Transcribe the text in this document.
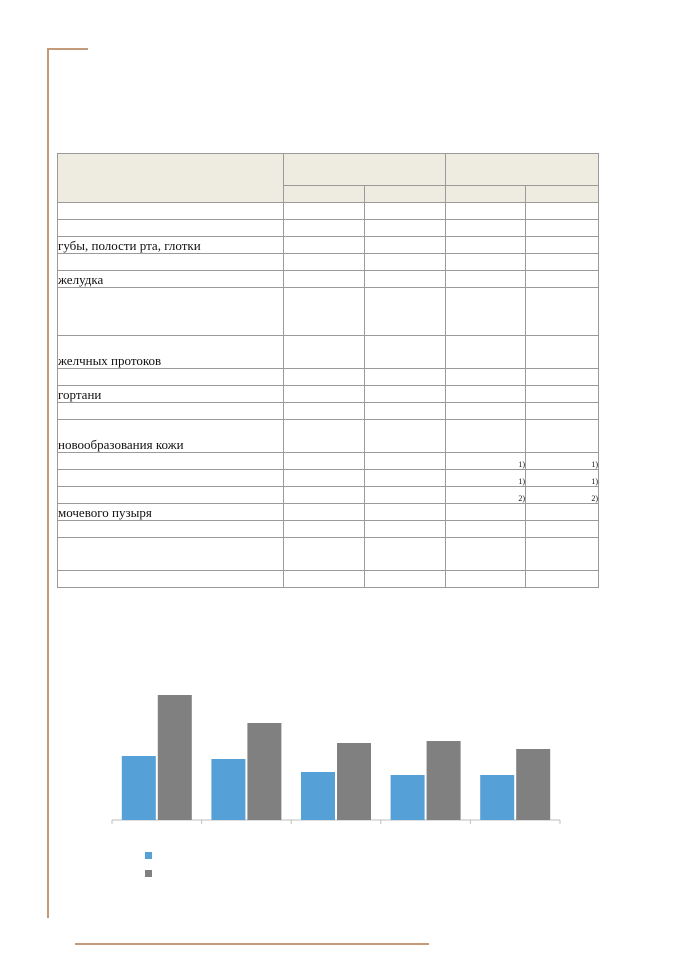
губы, полости рта, глотки				

желудка				

желчных протоков				

гортани				

новообразования кожи				
			1)	1)
			1)	1)
			2)	2)
мочевого пузыря				
